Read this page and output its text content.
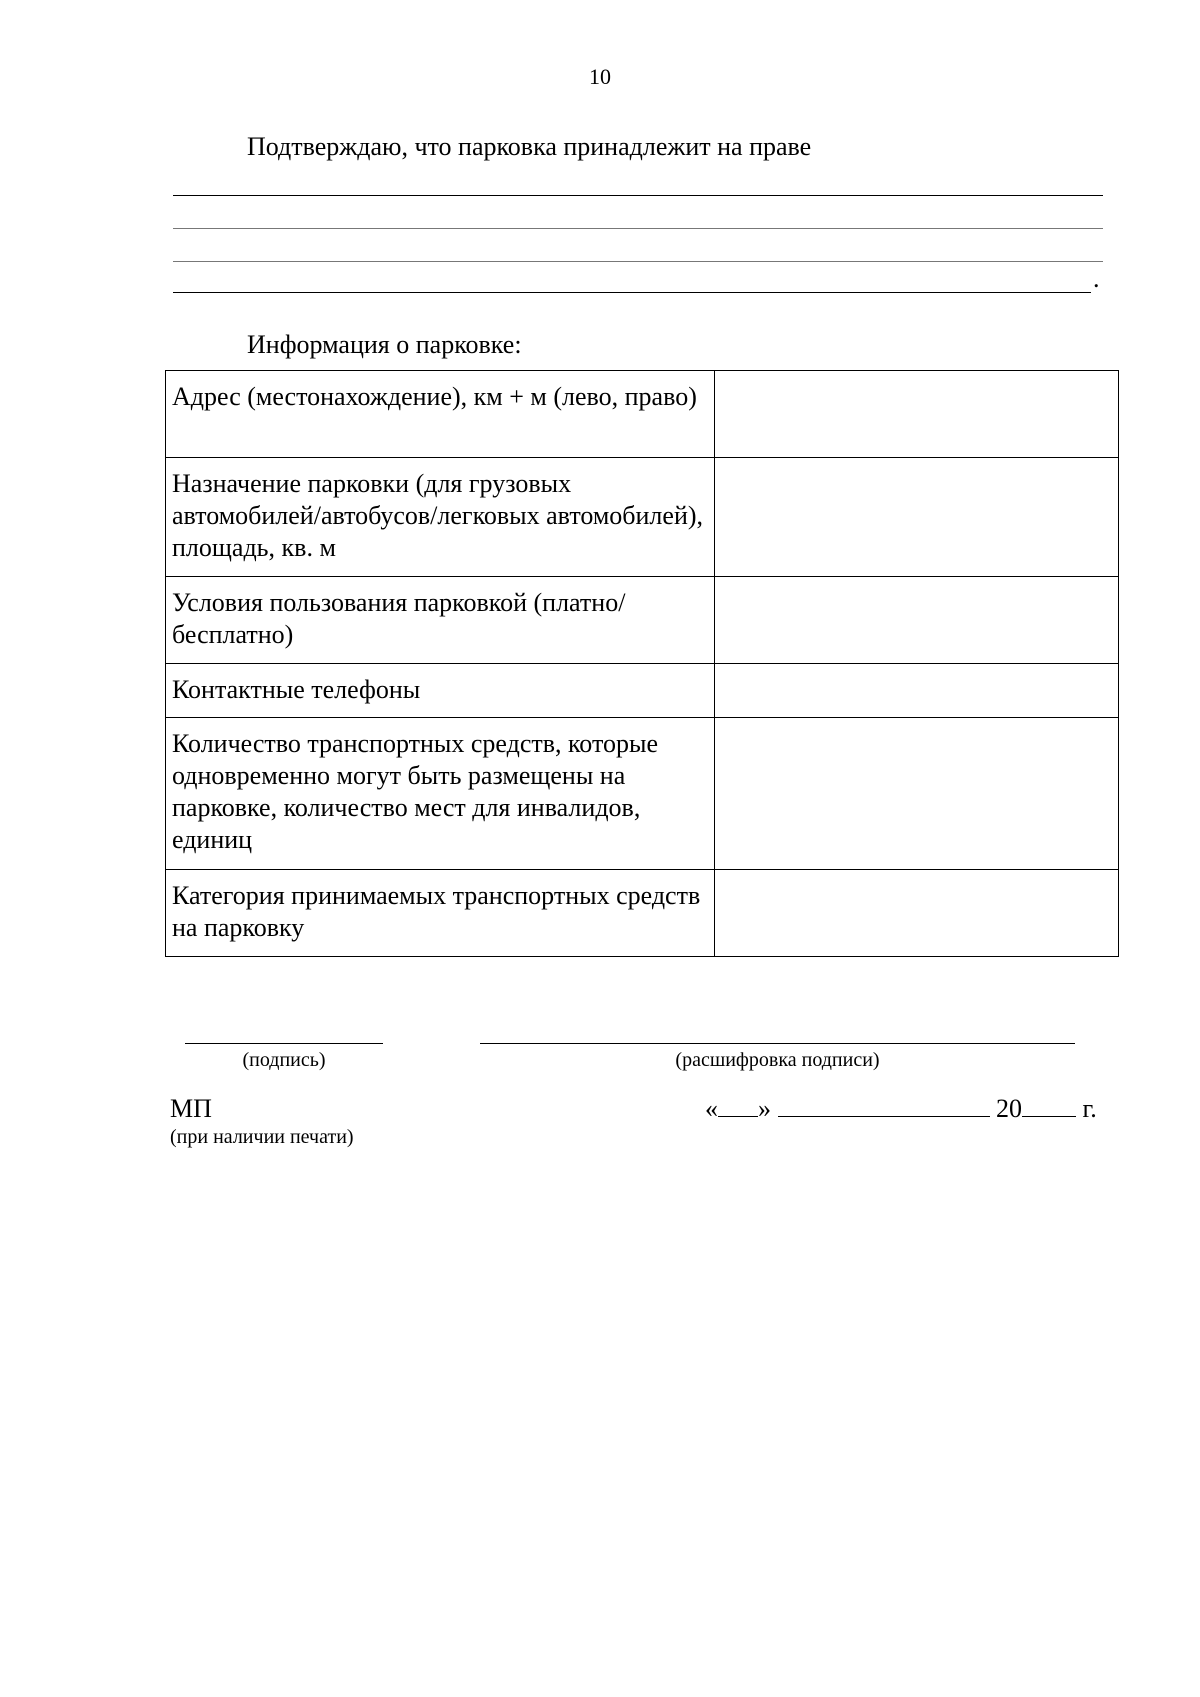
10
Подтверждаю, что парковка принадлежит на праве
.
Информация о парковке:
Адрес (местонахождение), км + м (лево, право)	
Назначение парковки (для грузовых автомобилей/автобусов/легковых автомобилей), площадь, кв. м	
Условия пользования парковкой (платно/бесплатно)	
Контактные телефоны	
Количество транспортных средств, которые одновременно могут быть размещены на парковке, количество мест для инвалидов, единиц	
Категория принимаемых транспортных средств на парковку	
(подпись)	(расшифровка подписи)
МП
(при наличии печати)
« »	20 г.
